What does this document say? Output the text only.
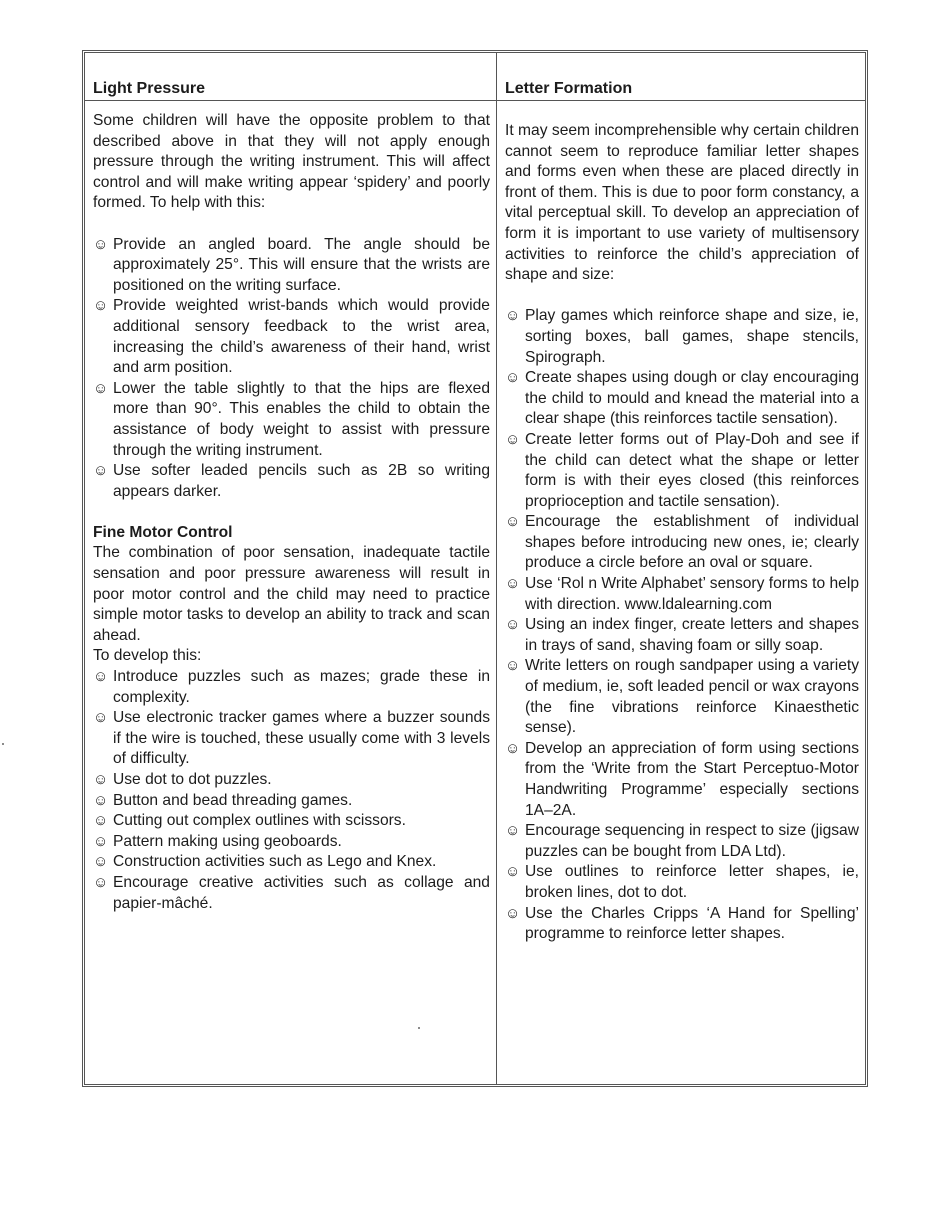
Light Pressure

Some children will have the opposite problem to that described above in that they will not apply enough pressure through the writing instrument. This will affect control and will make writing appear ‘spidery’ and poorly formed. To help with this:

☺ Provide an angled board. The angle should be approximately 25°. This will ensure that the wrists are positioned on the writing surface.
☺ Provide weighted wrist-bands which would provide additional sensory feedback to the wrist area, increasing the child’s awareness of their hand, wrist and arm position.
☺ Lower the table slightly to that the hips are flexed more than 90°. This enables the child to obtain the assistance of body weight to assist with pressure through the writing instrument.
☺ Use softer leaded pencils such as 2B so writing appears darker.

Fine Motor Control

The combination of poor sensation, inadequate tactile sensation and poor pressure awareness will result in poor motor control and the child may need to practice simple motor tasks to develop an ability to track and scan ahead.

To develop this:

☺ Introduce puzzles such as mazes; grade these in complexity.
☺ Use electronic tracker games where a buzzer sounds if the wire is touched, these usually come with 3 levels of difficulty.
☺ Use dot to dot puzzles.
☺ Button and bead threading games.
☺ Cutting out complex outlines with scissors.
☺ Pattern making using geoboards.
☺ Construction activities such as Lego and Knex.
☺ Encourage creative activities such as collage and papier-mâché.
Letter Formation

It may seem incomprehensible why certain children cannot seem to reproduce familiar letter shapes and forms even when these are placed directly in front of them. This is due to poor form constancy, a vital perceptual skill. To develop an appreciation of form it is important to use variety of multisensory activities to reinforce the child’s appreciation of shape and size:

☺ Play games which reinforce shape and size, ie, sorting boxes, ball games, shape stencils, Spirograph.
☺ Create shapes using dough or clay encouraging the child to mould and knead the material into a clear shape (this reinforces tactile sensation).
☺ Create letter forms out of Play-Doh and see if the child can detect what the shape or letter form is with their eyes closed (this reinforces proprioception and tactile sensation).
☺ Encourage the establishment of individual shapes before introducing new ones, ie; clearly produce a circle before an oval or square.
☺ Use ‘Rol n Write Alphabet’ sensory forms to help with direction. www.ldalearning.com
☺ Using an index finger, create letters and shapes in trays of sand, shaving foam or silly soap.
☺ Write letters on rough sandpaper using a variety of medium, ie, soft leaded pencil or wax crayons (the fine vibrations reinforce Kinaesthetic sense).
☺ Develop an appreciation of form using sections from the ‘Write from the Start Perceptuo-Motor Handwriting Programme’ especially sections 1A–2A.
☺ Encourage sequencing in respect to size (jigsaw puzzles can be bought from LDA Ltd).
☺ Use outlines to reinforce letter shapes, ie, broken lines, dot to dot.
☺ Use the Charles Cripps ‘A Hand for Spelling’ programme to reinforce letter shapes.
